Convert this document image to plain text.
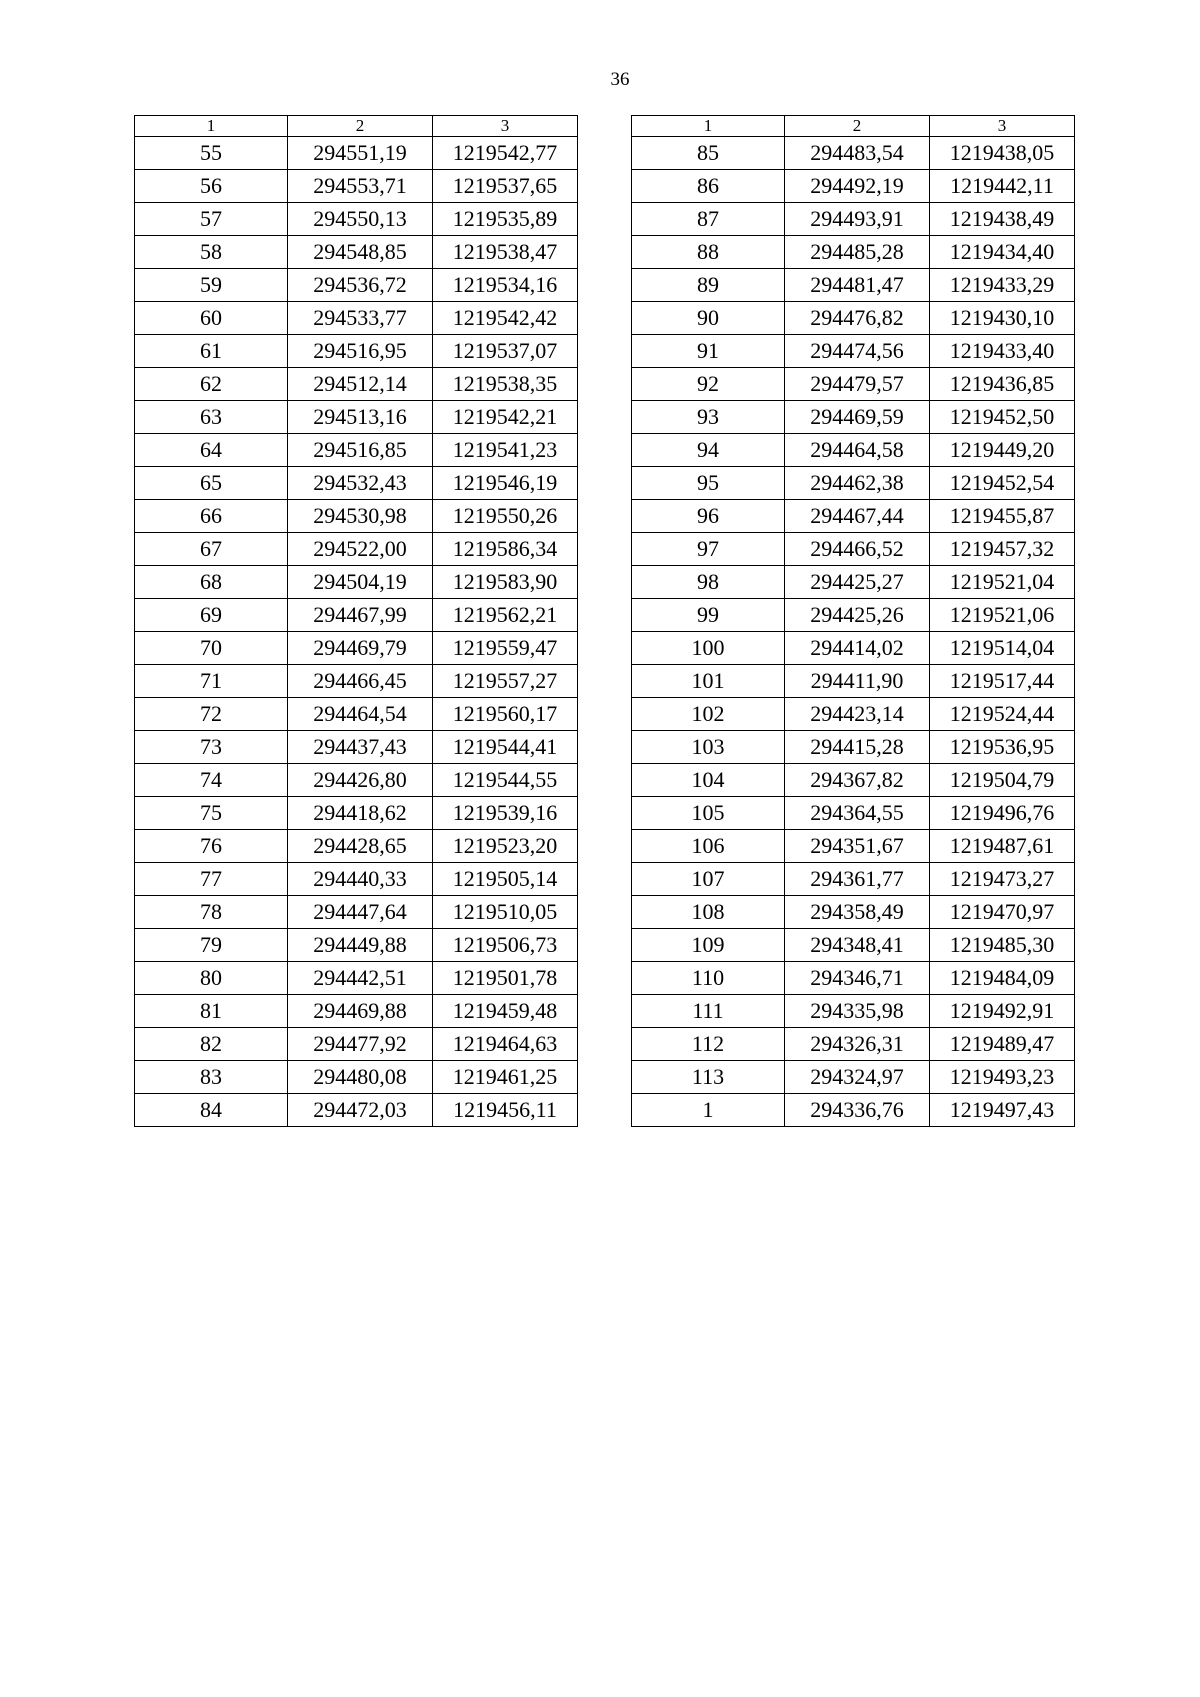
36
1	2	3
55	294551,19	1219542,77
56	294553,71	1219537,65
57	294550,13	1219535,89
58	294548,85	1219538,47
59	294536,72	1219534,16
60	294533,77	1219542,42
61	294516,95	1219537,07
62	294512,14	1219538,35
63	294513,16	1219542,21
64	294516,85	1219541,23
65	294532,43	1219546,19
66	294530,98	1219550,26
67	294522,00	1219586,34
68	294504,19	1219583,90
69	294467,99	1219562,21
70	294469,79	1219559,47
71	294466,45	1219557,27
72	294464,54	1219560,17
73	294437,43	1219544,41
74	294426,80	1219544,55
75	294418,62	1219539,16
76	294428,65	1219523,20
77	294440,33	1219505,14
78	294447,64	1219510,05
79	294449,88	1219506,73
80	294442,51	1219501,78
81	294469,88	1219459,48
82	294477,92	1219464,63
83	294480,08	1219461,25
84	294472,03	1219456,11
1	2	3
85	294483,54	1219438,05
86	294492,19	1219442,11
87	294493,91	1219438,49
88	294485,28	1219434,40
89	294481,47	1219433,29
90	294476,82	1219430,10
91	294474,56	1219433,40
92	294479,57	1219436,85
93	294469,59	1219452,50
94	294464,58	1219449,20
95	294462,38	1219452,54
96	294467,44	1219455,87
97	294466,52	1219457,32
98	294425,27	1219521,04
99	294425,26	1219521,06
100	294414,02	1219514,04
101	294411,90	1219517,44
102	294423,14	1219524,44
103	294415,28	1219536,95
104	294367,82	1219504,79
105	294364,55	1219496,76
106	294351,67	1219487,61
107	294361,77	1219473,27
108	294358,49	1219470,97
109	294348,41	1219485,30
110	294346,71	1219484,09
111	294335,98	1219492,91
112	294326,31	1219489,47
113	294324,97	1219493,23
1	294336,76	1219497,43
